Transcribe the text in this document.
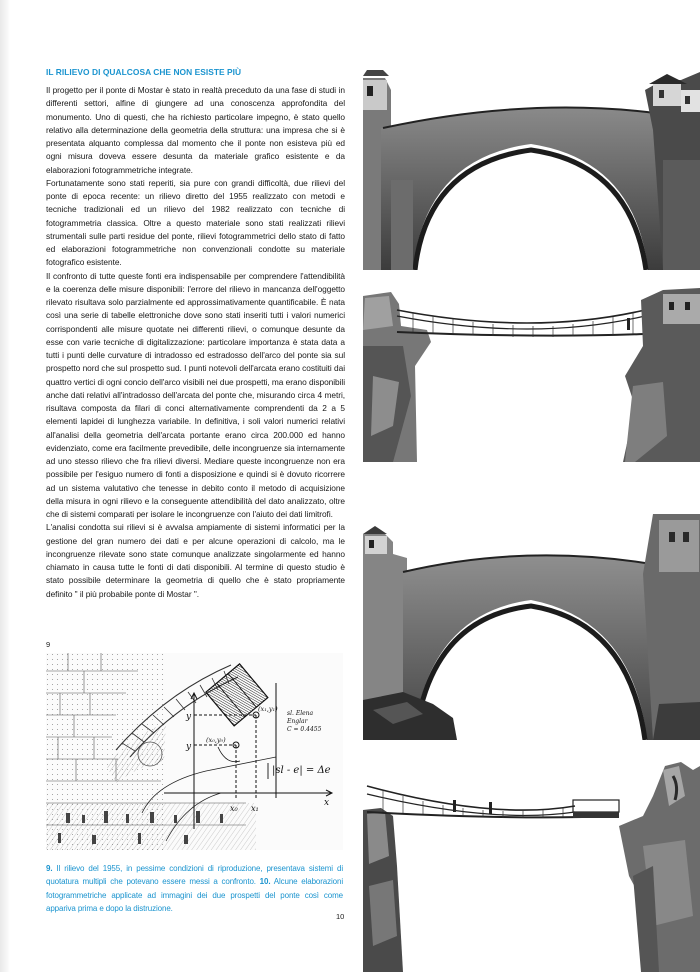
IL RILIEVO DI QUALCOSA CHE NON ESISTE PIÙ

Il progetto per il ponte di Mostar è stato in realtà preceduto da una fase di studi in differenti settori, alfine di giungere ad una conoscenza approfondita del monumento. Uno di questi, che ha richiesto particolare impegno, è stato quello relativo alla determinazione della geometria della struttura: una impresa che si è presentata alquanto complessa dal momento che il ponte non esisteva più ed ogni misura doveva essere desunta da materiale grafico esistente e da elaborazioni fotogrammetriche integrate.

Fortunatamente sono stati reperiti, sia pure con grandi difficoltà, due rilievi del ponte di epoca recente: un rilievo diretto del 1955 realizzato con metodi e tecniche tradizionali ed un rilievo del 1982 realizzato con tecniche di fotogrammetria classica. Oltre a questo materiale sono stati realizzati rilievi strumentali sulle parti residue del ponte, rilievi fotogrammetrici dello stato di fatto ed elaborazioni fotogrammetriche non convenzionali condotte su materiale fotografico esistente.

Il confronto di tutte queste fonti era indispensabile per comprendere l'attendibilità e la coerenza delle misure disponibili: l'errore del rilievo in mancanza dell'oggetto rilevato risultava solo parzialmente ed approssimativamente quantificabile. È nata così una serie di tabelle elettroniche dove sono stati inseriti tutti i valori numerici corrispondenti alle misure quotate nei differenti rilievi, o comunque desunte da esse con varie tecniche di digitalizzazione: particolare importanza è stata data a tutti i punti delle curvature di intradosso ed estradosso dell'arco del ponte sia sul prospetto nord che sul prospetto sud. I punti notevoli dell'arcata erano costituiti dai quattro vertici di ogni concio dell'arco visibili nei due prospetti, ma erano disponibili anche dati relativi all'intradosso dell'arcata del ponte che, misurando circa 4 metri, risultava composta da filari di conci alternativamente comprendenti da 2 a 5 elementi lapidei di lunghezza variabile. In definitiva, i soli valori numerici relativi all'analisi della geometria dell'arcata portante erano circa 200.000 ed hanno evidenziato, come era facilmente prevedibile, delle incongruenze sia internamente ad uno stesso rilievo che fra rilievi diversi. Mediare queste incongruenze non era possibile per l'esiguo numero di fonti a disposizione e quindi si è dovuto ricorrere ad un sistema valutativo che tenesse in debito conto il metodo di acquisizione della misura in ogni rilievo e la conseguente attendibilità del dato analizzato, oltre che di sistemi comparati per isolare le incongruenze con l'aiuto dei dati limitrofi.

L'analisi condotta sui rilievi si è avvalsa ampiamente di sistemi informatici per la gestione del gran numero dei dati e per alcune operazioni di calcolo, ma le incongruenze rilevate sono state comunque analizzate singolarmente ed hanno chiamato in causa tutte le fonti di dati disponibili. Al termine di questo studio è stato possibile determinare la geometria di quello che è stato propriamente definito " il più probabile ponte di Mostar ".

9
y
y
x
x₀ x₁
(x₁,y₁)
(x₀,y₀)
sl. Elena Englar C = 0.4455
|sl - e| = Δe
9. Il rilievo del 1955, in pessime condizioni di riproduzione, presentava sistemi di quotatura multipli che potevano essere messi a confronto. 10. Alcune elaborazioni fotogrammetriche applicate ad immagini dei due prospetti del ponte così come appariva prima e dopo la distruzione.
10
